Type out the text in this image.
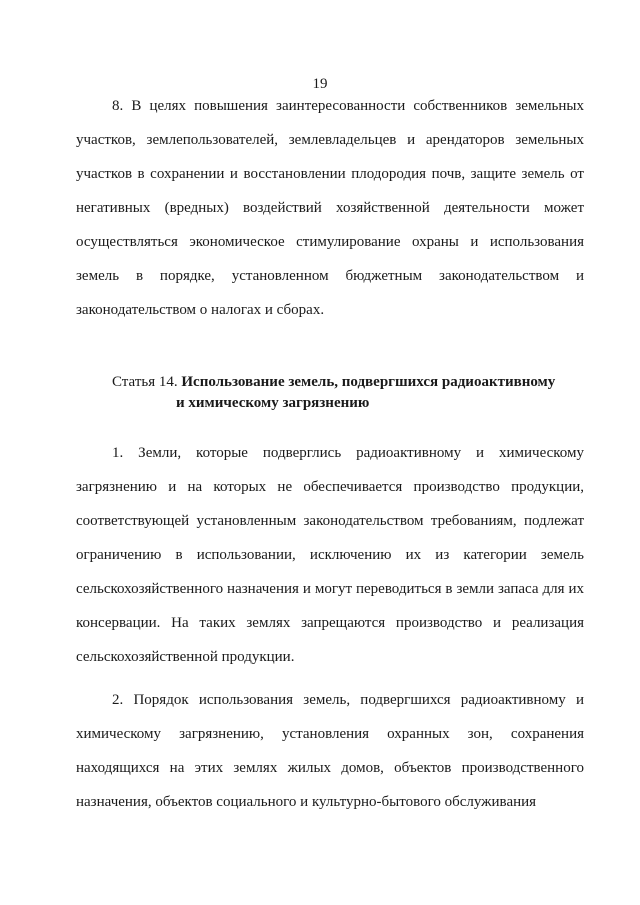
19

8. В целях повышения заинтересованности собственников земельных участков, землепользователей, землевладельцев и арендаторов земельных участков в сохранении и восстановлении плодородия почв, защите земель от негативных (вредных) воздействий хозяйственной деятельности может осуществляться экономическое стимулирование охраны и использования земель в порядке, установленном бюджетным законодательством и законодательством о налогах и сборах.

Статья 14. Использование земель, подвергшихся радиоактивному
и химическому загрязнению

1. Земли, которые подверглись радиоактивному и химическому загрязнению и на которых не обеспечивается производство продукции, соответствующей установленным законодательством требованиям, подлежат ограничению в использовании, исключению их из категории земель сельскохозяйственного назначения и могут переводиться в земли запаса для их консервации. На таких землях запрещаются производство и реализация сельскохозяйственной продукции.

2. Порядок использования земель, подвергшихся радиоактивному и химическому загрязнению, установления охранных зон, сохранения находящихся на этих землях жилых домов, объектов производственного назначения, объектов социального и культурно-бытового обслуживания
